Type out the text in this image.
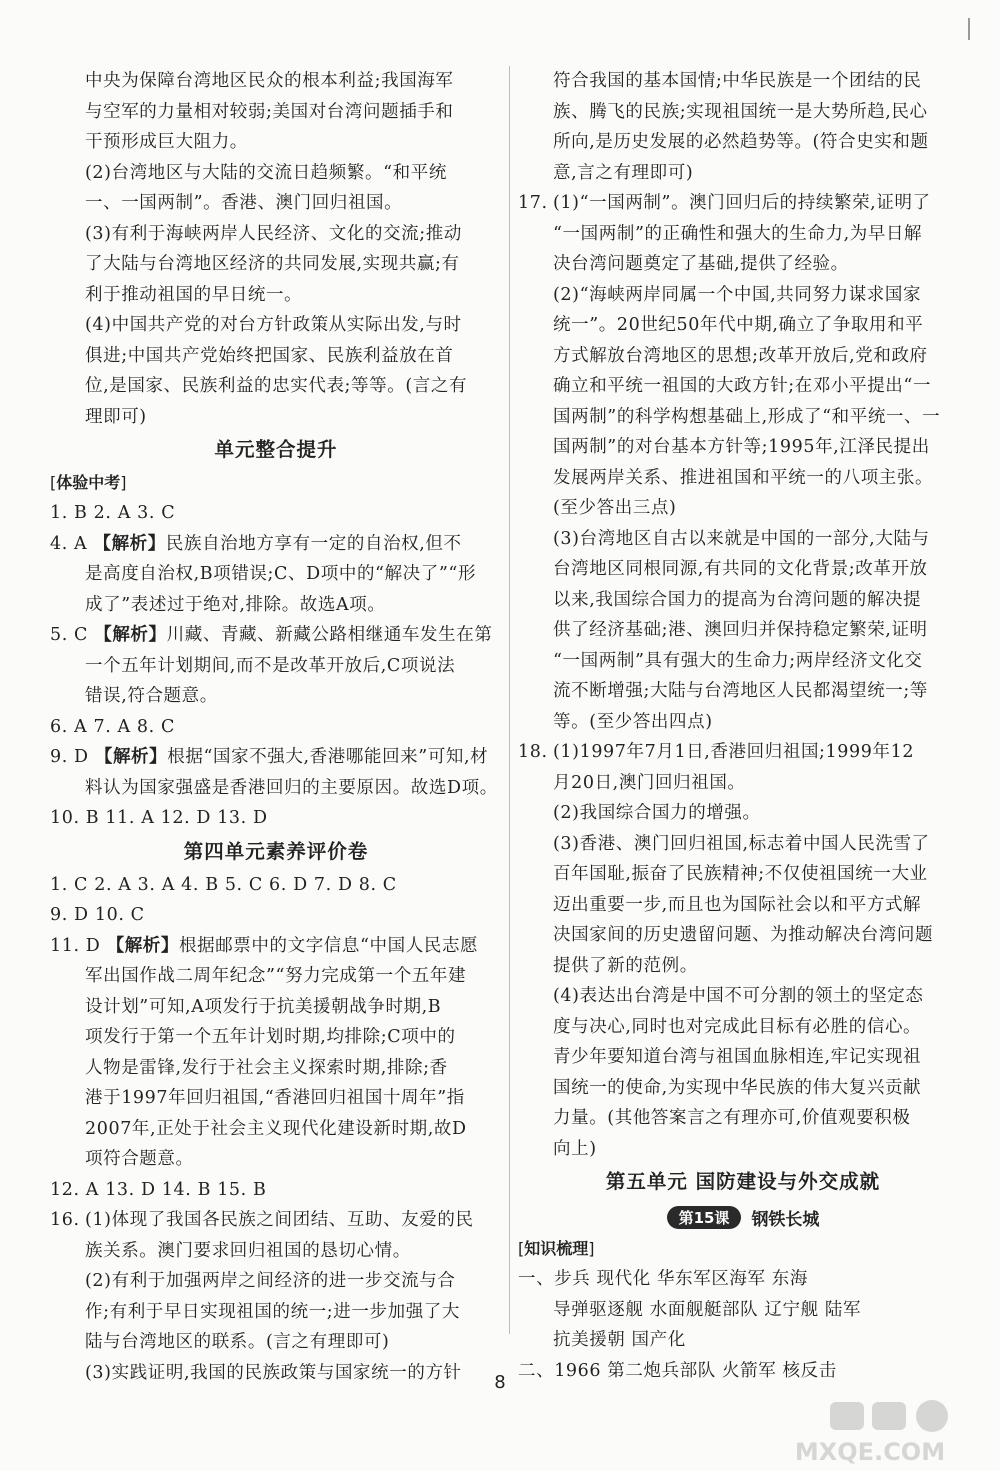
中央为保障台湾地区民众的根本利益;我国海军
与空军的力量相对较弱;美国对台湾问题插手和
干预形成巨大阻力。
(2)台湾地区与大陆的交流日趋频繁。“和平统
一、一国两制”。香港、澳门回归祖国。
(3)有利于海峡两岸人民经济、文化的交流;推动
了大陆与台湾地区经济的共同发展,实现共赢;有
利于推动祖国的早日统一。
(4)中国共产党的对台方针政策从实际出发,与时
俱进;中国共产党始终把国家、民族利益放在首
位,是国家、民族利益的忠实代表;等等。(言之有
理即可)
单元整合提升
[体验中考]
1. B 2. A 3. C
4. A 【解析】民族自治地方享有一定的自治权,但不
是高度自治权,B项错误;C、D项中的“解决了”“形
成了”表述过于绝对,排除。故选A项。
5. C 【解析】川藏、青藏、新藏公路相继通车发生在第
一个五年计划期间,而不是改革开放后,C项说法
错误,符合题意。
6. A 7. A 8. C
9. D 【解析】根据“国家不强大,香港哪能回来”可知,材
料认为国家强盛是香港回归的主要原因。故选D项。
10. B 11. A 12. D 13. D
第四单元素养评价卷
1. C 2. A 3. A 4. B 5. C 6. D 7. D 8. C
9. D 10. C
11. D 【解析】根据邮票中的文字信息“中国人民志愿
军出国作战二周年纪念”“努力完成第一个五年建
设计划”可知,A项发行于抗美援朝战争时期,B
项发行于第一个五年计划时期,均排除;C项中的
人物是雷锋,发行于社会主义探索时期,排除;香
港于1997年回归祖国,“香港回归祖国十周年”指
2007年,正处于社会主义现代化建设新时期,故D
项符合题意。
12. A 13. D 14. B 15. B
16. (1)体现了我国各民族之间团结、互助、友爱的民
族关系。澳门要求回归祖国的恳切心情。
(2)有利于加强两岸之间经济的进一步交流与合
作;有利于早日实现祖国的统一;进一步加强了大
陆与台湾地区的联系。(言之有理即可)
(3)实践证明,我国的民族政策与国家统一的方针
符合我国的基本国情;中华民族是一个团结的民
族、腾飞的民族;实现祖国统一是大势所趋,民心
所向,是历史发展的必然趋势等。(符合史实和题
意,言之有理即可)
17. (1)“一国两制”。澳门回归后的持续繁荣,证明了
“一国两制”的正确性和强大的生命力,为早日解
决台湾问题奠定了基础,提供了经验。
(2)“海峡两岸同属一个中国,共同努力谋求国家
统一”。20世纪50年代中期,确立了争取用和平
方式解放台湾地区的思想;改革开放后,党和政府
确立和平统一祖国的大政方针;在邓小平提出“一
国两制”的科学构想基础上,形成了“和平统一、一
国两制”的对台基本方针等;1995年,江泽民提出
发展两岸关系、推进祖国和平统一的八项主张。
(至少答出三点)
(3)台湾地区自古以来就是中国的一部分,大陆与
台湾地区同根同源,有共同的文化背景;改革开放
以来,我国综合国力的提高为台湾问题的解决提
供了经济基础;港、澳回归并保持稳定繁荣,证明
“一国两制”具有强大的生命力;两岸经济文化交
流不断增强;大陆与台湾地区人民都渴望统一;等
等。(至少答出四点)
18. (1)1997年7月1日,香港回归祖国;1999年12
月20日,澳门回归祖国。
(2)我国综合国力的增强。
(3)香港、澳门回归祖国,标志着中国人民洗雪了
百年国耻,振奋了民族精神;不仅使祖国统一大业
迈出重要一步,而且也为国际社会以和平方式解
决国家间的历史遗留问题、为推动解决台湾问题
提供了新的范例。
(4)表达出台湾是中国不可分割的领土的坚定态
度与决心,同时也对完成此目标有必胜的信心。
青少年要知道台湾与祖国血脉相连,牢记实现祖
国统一的使命,为实现中华民族的伟大复兴贡献
力量。(其他答案言之有理亦可,价值观要积极
向上)
第五单元 国防建设与外交成就
第15课	钢铁长城
[知识梳理]
一、步兵 现代化 华东军区海军 东海
导弹驱逐舰 水面舰艇部队 辽宁舰 陆军
抗美援朝 国产化
二、1966 第二炮兵部队 火箭军 核反击
8
MXQE.COM
